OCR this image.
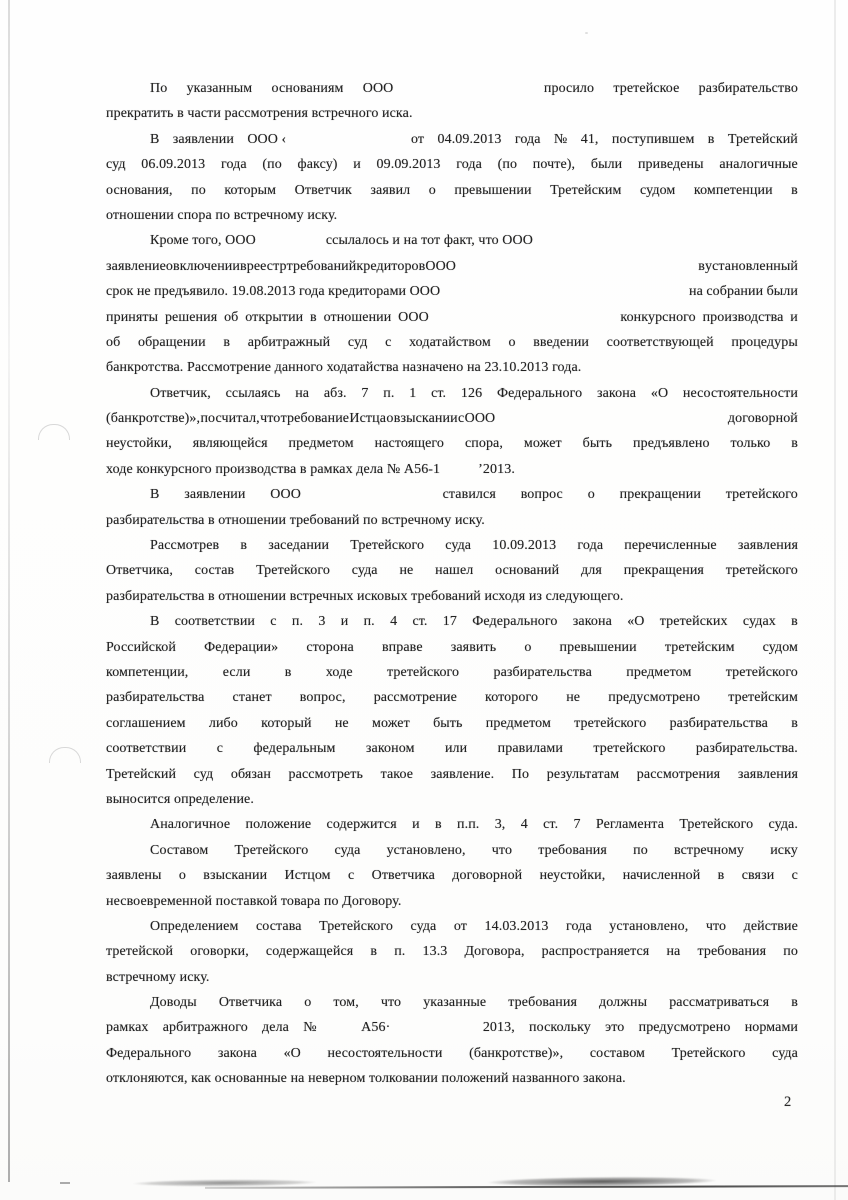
По указанным основаниям ООО	просило третейское разбирательство
прекратить в части рассмотрения встречного иска.
В заявлении ООО ‹	от 04.09.2013 года № 41, поступившем в Третейский
суд 06.09.2013 года (по факсу) и 09.09.2013 года (по почте), были приведены аналогичные
основания, по которым Ответчик заявил о превышении Третейским судом компетенции в
отношении спора по встречному иску.
Кроме того, ООО	ссылалось и на тот факт, что ООО
заявление о включении в реестр требований кредиторов ООО	в установленный
срок не предъявило. 19.08.2013 года кредиторами ООО	на собрании были
приняты решения об открытии в отношении ООО	конкурсного производства и
об обращении в арбитражный суд с ходатайством о введении соответствующей процедуры
банкротства. Рассмотрение данного ходатайства назначено на 23.10.2013 года.
Ответчик, ссылаясь на абз. 7 п. 1 ст. 126 Федерального закона «О несостоятельности
(банкротстве)», посчитал, что требование Истца о взыскании с ООО	договорной
неустойки, являющейся предметом настоящего спора, может быть предъявлено только в
ходе конкурсного производства в рамках дела № А56-1	’2013.
В заявлении ООО	ставился вопрос о прекращении третейского
разбирательства в отношении требований по встречному иску.
Рассмотрев в заседании Третейского суда 10.09.2013 года перечисленные заявления
Ответчика, состав Третейского суда не нашел оснований для прекращения третейского
разбирательства в отношении встречных исковых требований исходя из следующего.
В соответствии с п. 3 и п. 4 ст. 17 Федерального закона «О третейских судах в
Российской Федерации» сторона вправе заявить о превышении третейским судом
компетенции, если в ходе третейского разбирательства предметом третейского
разбирательства станет вопрос, рассмотрение которого не предусмотрено третейским
соглашением либо который не может быть предметом третейского разбирательства в
соответствии с федеральным законом или правилами третейского разбирательства.
Третейский суд обязан рассмотреть такое заявление. По результатам рассмотрения заявления
выносится определение.
Аналогичное положение содержится и в п.п. 3, 4 ст. 7 Регламента Третейского суда.
Составом Третейского суда установлено, что требования по встречному иску
заявлены о взыскании Истцом с Ответчика договорной неустойки, начисленной в связи с
несвоевременной поставкой товара по Договору.
Определением состава Третейского суда от 14.03.2013 года установлено, что действие
третейской оговорки, содержащейся в п. 13.3 Договора, распространяется на требования по
встречному иску.
Доводы Ответчика о том, что указанные требования должны рассматриваться в
рамках арбитражного дела №	А56·	2013, поскольку это предусмотрено нормами
Федерального закона «О несостоятельности (банкротстве)», составом Третейского суда
отклоняются, как основанные на неверном толковании положений названного закона.
2
